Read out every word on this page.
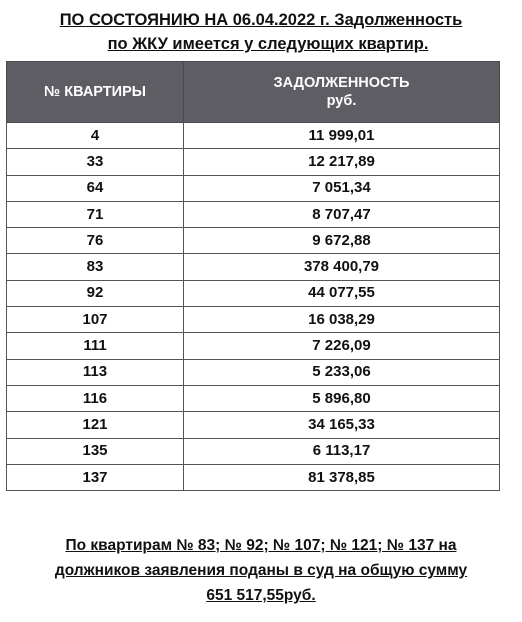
ПО СОСТОЯНИЮ НА 06.04.2022 г. Задолженность

по ЖКУ имеется у следующих квартир.
№ КВАРТИРЫ	ЗАДОЛЖЕННОСТЬ
руб.

4	11 999,01
33	12 217,89
64	7 051,34
71	8 707,47
76	9 672,88
83	378 400,79
92	44 077,55
107	16 038,29
111	7 226,09
113	5 233,06
116	5 896,80
121	34 165,33
135	6 113,17
137	81 378,85
По квартирам № 83; № 92; № 107; № 121; № 137 на
должников заявления поданы в суд на общую сумму
651 517,55руб.
